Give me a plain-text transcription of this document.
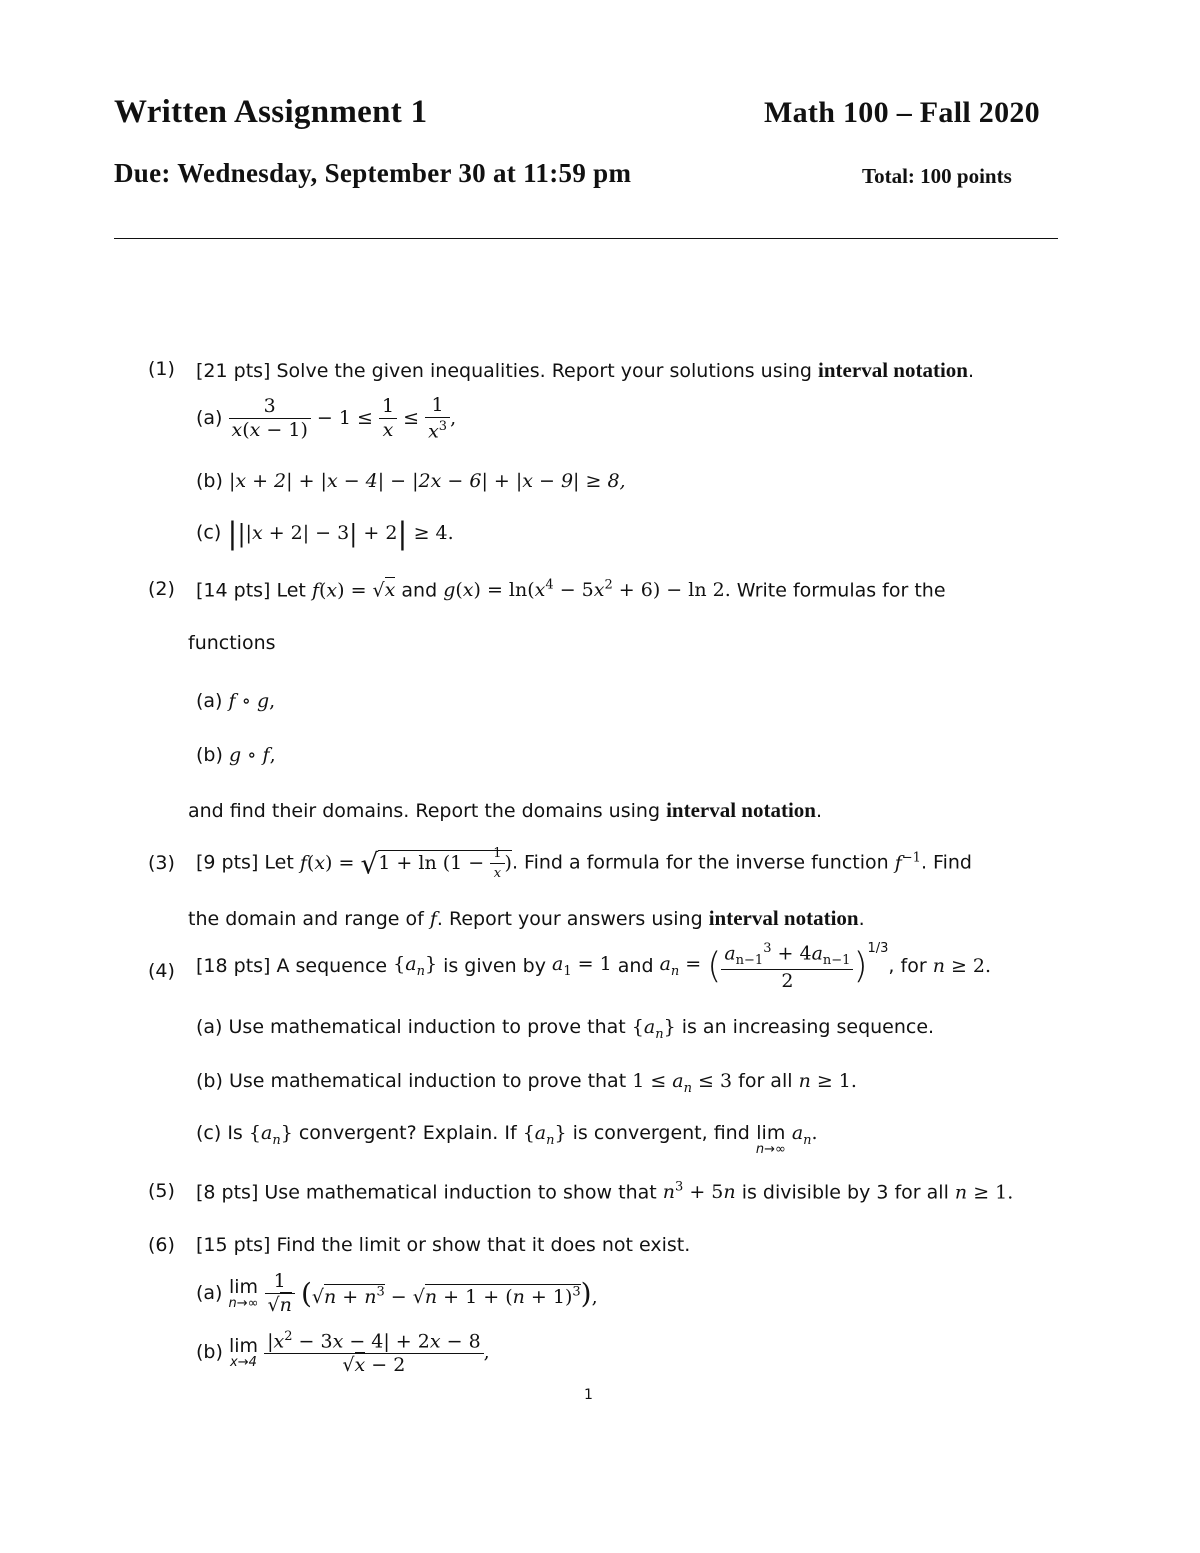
Written Assignment 1	Math 100 – Fall 2020
Due: Wednesday, September 30 at 11:59 pm	Total: 100 points
(1) [21 pts] Solve the given inequalities. Report your solutions using interval notation.
$(a) \frac{3}{x(x - 1)} - 1 \le \frac{1}{x} \le \frac{1}{x^3}$ ,
(b) |x + 2| + |x − 4| − |2x − 6| + |x − 9| ≥ 8,
(c) |||x + 2| − 3| + 2| ≥ 4.
(2) [14 pts] Let f(x) = √x and $g(x) = \ln(x^4 - 5x^2 + 6) - \ln 2$. Write formulas for the
functions
(a) f ∘ g,
(b) g ∘ f,
and find their domains. Report the domains using interval notation.
(3) [9 pts] Let $f(x) = √1 + \ln (1 - \frac{1}{x}$ ). Find a formula for the inverse function $f^{-1}$. Find
the domain and range of f. Report your answers using interval notation.
(4) [18 pts] A sequence $\{a_n\}$ is given by $a_1 = 1$ and $a_n$ = ( $\frac{a_{n-1}^3 + 4a_{n-1}}{2} )^{1/3}$, for n ≥ 2.
(a) Use mathematical induction to prove that $\{a_n\}$ is an increasing sequence.
(b) Use mathematical induction to prove that $1 \le a_n \le 3$ for all n ≥ 1.
(c) Is $\{a_n\}$ convergent? Explain. If $\{a_n\}$ is convergent, find lim
n→∞
$a_n$.
(5) [8 pts] Use mathematical induction to show that $n^3 + 5n$ is divisible by 3 for all n ≥ 1.
(6) [15 pts] Find the limit or show that it does not exist.
(a) lim
n→∞
$\frac{1}{√n} (√n + n^3 - √n + 1 + (n + 1)^3)$,
(b) lim
x→4
$\frac{|x^2 - 3x - 4| + 2x - 8}{√x - 2}$ ,
1
